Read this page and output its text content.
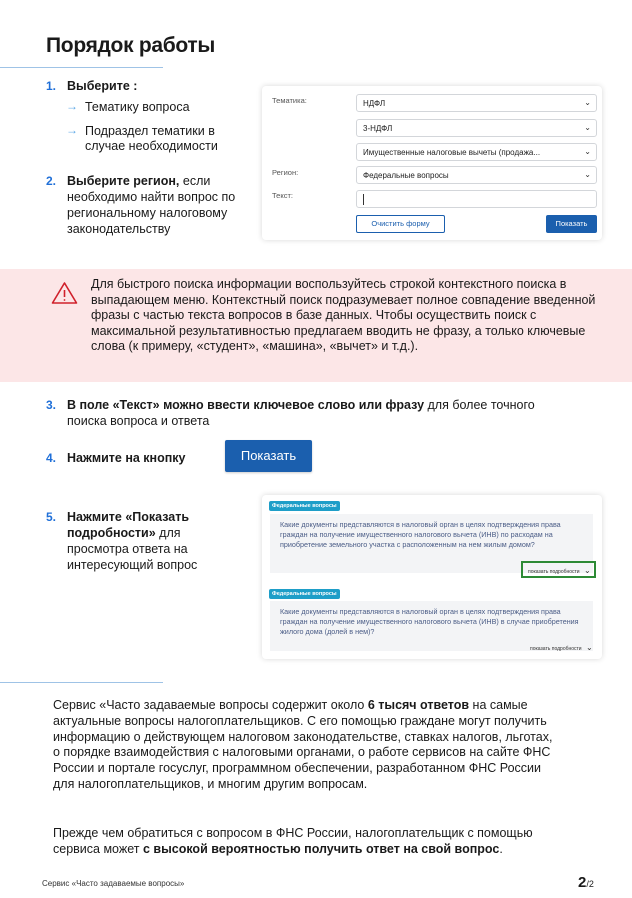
Порядок работы
1. Выберите :
→ Тематику вопроса
→ Подраздел тематики в случае необходимости
2. Выберите регион, если необходимо найти вопрос по региональному налоговому законодательству
Тематика:	НДФЛ	⌄
3-НДФЛ	⌄
Имущественные налоговые вычеты (продажа...	⌄
Регион:	Федеральные вопросы	⌄
Текст:
Очистить форму	Показать
Для быстрого поиска информации воспользуйтесь строкой контекстного поиска в выпадающем меню. Контекстный поиск подразумевает полное совпадение введенной фразы с частью текста вопросов в базе данных. Чтобы осуществить поиск с максимальной результативностью предлагаем вводить не фразу, а только ключевые слова (к примеру, «студент», «машина», «вычет» и т.д.).
3. В поле «Текст» можно ввести ключевое слово или фразу для более точного поиска вопроса и ответа
4. Нажмите на кнопку	Показать
5. Нажмите «Показать подробности» для просмотра ответа на интересующий вопрос
Федеральные вопросы
Какие документы представляются в налоговый орган в целях подтверждения права граждан на получение имущественного налогового вычета (ИНВ) по расходам на приобретение земельного участка с расположенным на нем жилым домом?
показать подробности ⌄
Федеральные вопросы
Какие документы представляются в налоговый орган в целях подтверждения права граждан на получение имущественного налогового вычета (ИНВ) в случае приобретения жилого дома (долей в нем)?
показать подробности ⌄
Сервис «Часто задаваемые вопросы содержит около 6 тысяч ответов на самые актуальные вопросы налогоплательщиков. С его помощью граждане могут получить информацию о действующем налоговом законодательстве, ставках налогов, льготах, о порядке взаимодействия с налоговыми органами, о работе сервисов на сайте ФНС России и портале госуслуг, программном обеспечении, разработанном ФНС России для налогоплательщиков, и многим другим вопросам.
Прежде чем обратиться с вопросом в ФНС России, налогоплательщик с помощью сервиса может с высокой вероятностью получить ответ на свой вопрос.
Сервис «Часто задаваемые вопросы»	2/2
